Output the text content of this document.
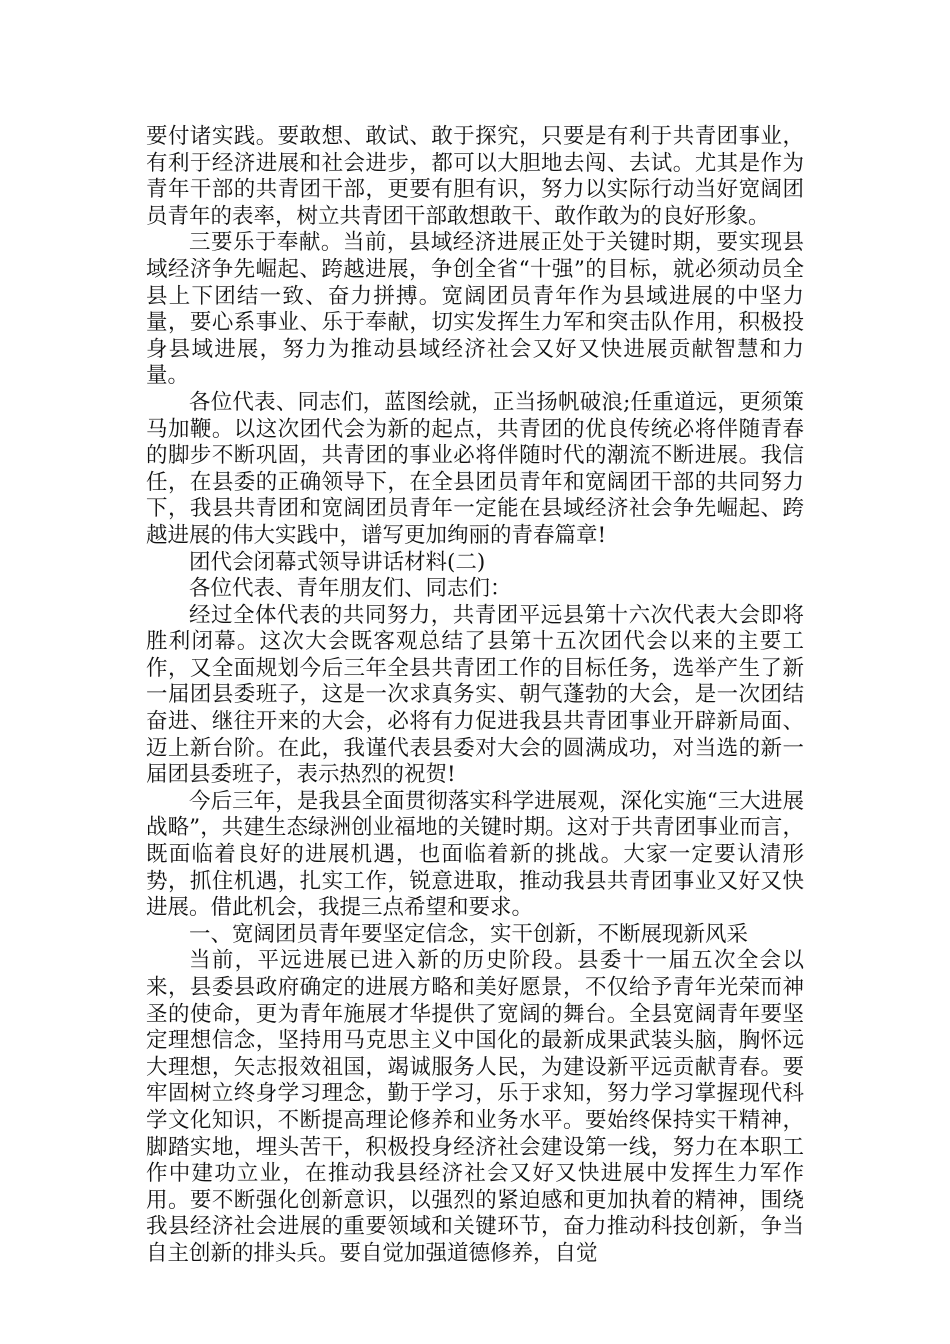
要付诸实践。要敢想、敢试、敢于探究，只要是有利于共青团事业，有利于经济进展和社会进步，都可以大胆地去闯、去试。尤其是作为青年干部的共青团干部，更要有胆有识，努力以实际行动当好宽阔团员青年的表率，树立共青团干部敢想敢干、敢作敢为的良好形象。

三要乐于奉献。当前，县域经济进展正处于关键时期，要实现县域经济争先崛起、跨越进展，争创全省“十强”的目标，就必须动员全县上下团结一致、奋力拼搏。宽阔团员青年作为县域进展的中坚力量，要心系事业、乐于奉献，切实发挥生力军和突击队作用，积极投身县域进展，努力为推动县域经济社会又好又快进展贡献智慧和力量。

各位代表、同志们，蓝图绘就，正当扬帆破浪;任重道远，更须策马加鞭。以这次团代会为新的起点，共青团的优良传统必将伴随青春的脚步不断巩固，共青团的事业必将伴随时代的潮流不断进展。我信任，在县委的正确领导下，在全县团员青年和宽阔团干部的共同努力下，我县共青团和宽阔团员青年一定能在县域经济社会争先崛起、跨越进展的伟大实践中，谱写更加绚丽的青春篇章!

团代会闭幕式领导讲话材料(二)

各位代表、青年朋友们、同志们：

经过全体代表的共同努力，共青团平远县第十六次代表大会即将胜利闭幕。这次大会既客观总结了县第十五次团代会以来的主要工作，又全面规划今后三年全县共青团工作的目标任务，选举产生了新一届团县委班子，这是一次求真务实、朝气蓬勃的大会，是一次团结奋进、继往开来的大会，必将有力促进我县共青团事业开辟新局面、迈上新台阶。在此，我谨代表县委对大会的圆满成功，对当选的新一届团县委班子，表示热烈的祝贺!

今后三年，是我县全面贯彻落实科学进展观，深化实施“三大进展战略”，共建生态绿洲创业福地的关键时期。这对于共青团事业而言，既面临着良好的进展机遇，也面临着新的挑战。大家一定要认清形势，抓住机遇，扎实工作，锐意进取，推动我县共青团事业又好又快进展。借此机会，我提三点希望和要求。

一、宽阔团员青年要坚定信念，实干创新，不断展现新风采

当前，平远进展已进入新的历史阶段。县委十一届五次全会以来，县委县政府确定的进展方略和美好愿景，不仅给予青年光荣而神圣的使命，更为青年施展才华提供了宽阔的舞台。全县宽阔青年要坚定理想信念，坚持用马克思主义中国化的最新成果武装头脑，胸怀远大理想，矢志报效祖国，竭诚服务人民，为建设新平远贡献青春。要牢固树立终身学习理念，勤于学习，乐于求知，努力学习掌握现代科学文化知识，不断提高理论修养和业务水平。要始终保持实干精神，脚踏实地，埋头苦干，积极投身经济社会建设第一线，努力在本职工作中建功立业，在推动我县经济社会又好又快进展中发挥生力军作用。要不断强化创新意识，以强烈的紧迫感和更加执着的精神，围绕我县经济社会进展的重要领域和关键环节，奋力推动科技创新，争当自主创新的排头兵。要自觉加强道德修养，自觉
